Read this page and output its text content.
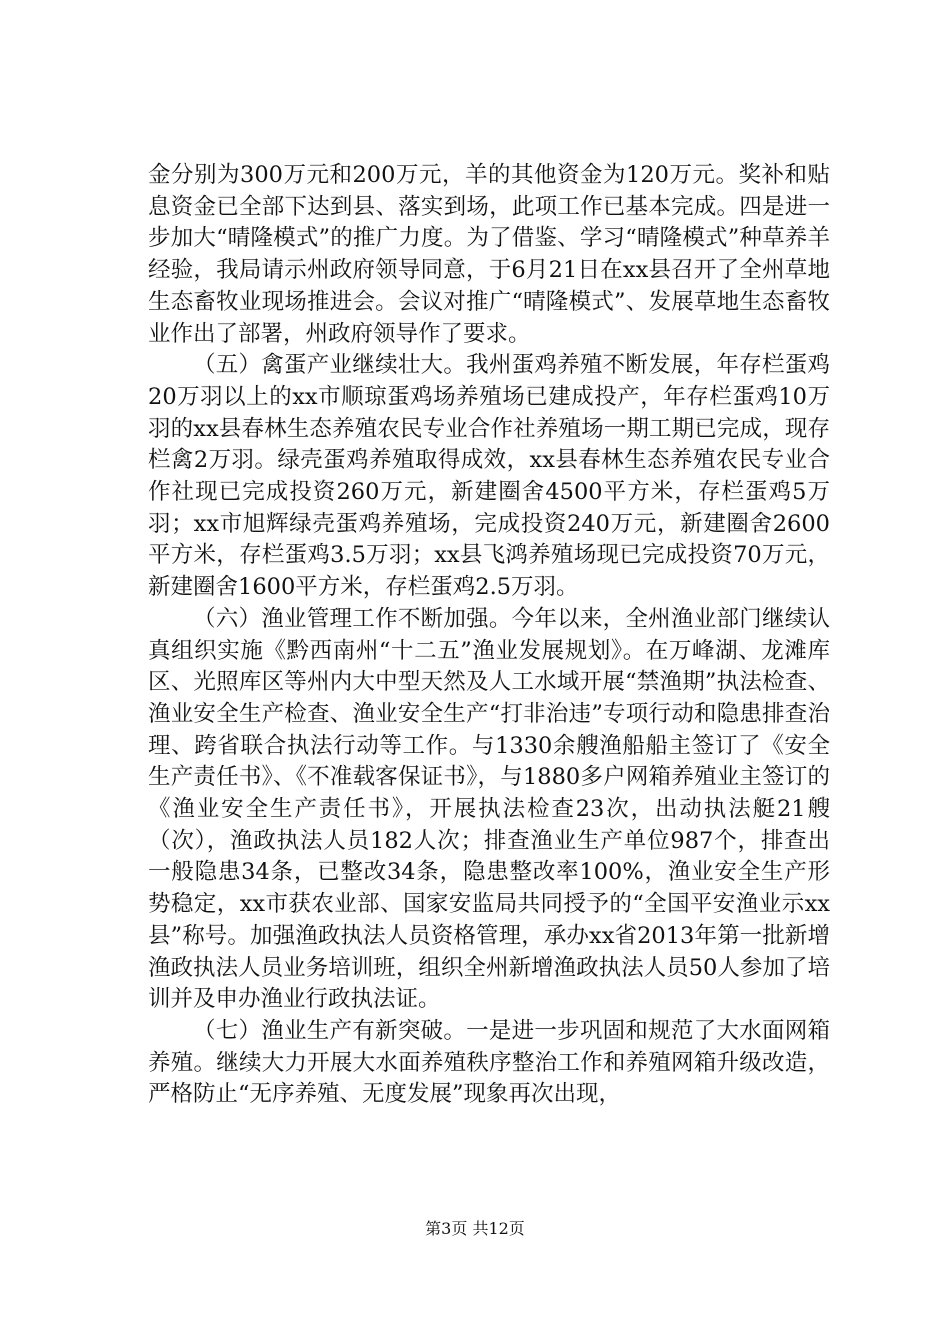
金分别为300万元和200万元，羊的其他资金为120万元。奖补和贴息资金已全部下达到县、落实到场，此项工作已基本完成。四是进一步加大“晴隆模式”的推广力度。为了借鉴、学习“晴隆模式”种草养羊经验，我局请示州政府领导同意，于6月21日在xx县召开了全州草地生态畜牧业现场推进会。会议对推广“晴隆模式”、发展草地生态畜牧业作出了部署，州政府领导作了要求。

（五）禽蛋产业继续壮大。我州蛋鸡养殖不断发展，年存栏蛋鸡20万羽以上的xx市顺琼蛋鸡场养殖场已建成投产，年存栏蛋鸡10万羽的xx县春林生态养殖农民专业合作社养殖场一期工期已完成，现存栏禽2万羽。绿壳蛋鸡养殖取得成效，xx县春林生态养殖农民专业合作社现已完成投资260万元，新建圈舍4500平方米，存栏蛋鸡5万羽；xx市旭辉绿壳蛋鸡养殖场，完成投资240万元，新建圈舍2600平方米，存栏蛋鸡3.5万羽；xx县飞鸿养殖场现已完成投资70万元，新建圈舍1600平方米，存栏蛋鸡2.5万羽。

（六）渔业管理工作不断加强。今年以来，全州渔业部门继续认真组织实施《黔西南州“十二五”渔业发展规划》。在万峰湖、龙滩库区、光照库区等州内大中型天然及人工水域开展“禁渔期”执法检查、渔业安全生产检查、渔业安全生产“打非治违”专项行动和隐患排查治理、跨省联合执法行动等工作。与1330余艘渔船船主签订了《安全生产责任书》、《不准载客保证书》，与1880多户网箱养殖业主签订的《渔业安全生产责任书》，开展执法检查23次，出动执法艇21艘（次），渔政执法人员182人次；排查渔业生产单位987个，排查出一般隐患34条，已整改34条，隐患整改率100%，渔业安全生产形势稳定，xx市获农业部、国家安监局共同授予的“全国平安渔业示xx县”称号。加强渔政执法人员资格管理，承办xx省2013年第一批新增渔政执法人员业务培训班，组织全州新增渔政执法人员50人参加了培训并及申办渔业行政执法证。

（七）渔业生产有新突破。一是进一步巩固和规范了大水面网箱养殖。继续大力开展大水面养殖秩序整治工作和养殖网箱升级改造，严格防止“无序养殖、无度发展”现象再次出现，

第3页 共12页
